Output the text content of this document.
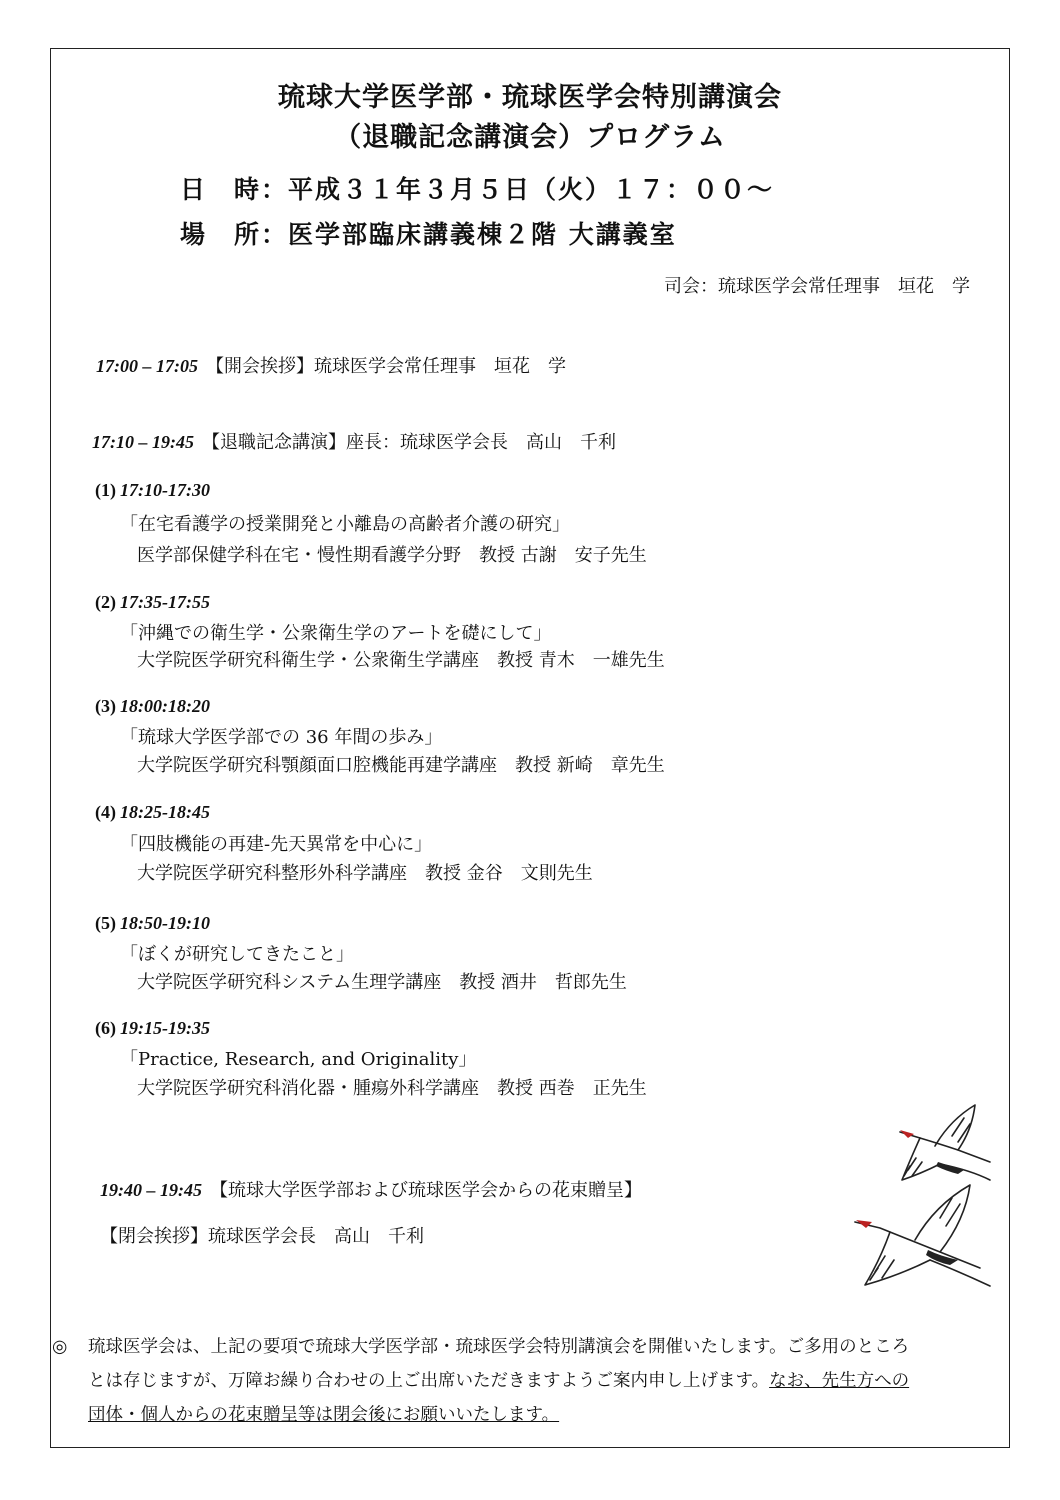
琉球大学医学部・琉球医学会特別講演会
（退職記念講演会）プログラム
日　時：平成３１年３月５日（火）１７：００～
場　所：医学部臨床講義棟２階 大講義室
司会：琉球医学会常任理事　垣花　学
17:00 – 17:05 【開会挨拶】琉球医学会常任理事　垣花　学
17:10 – 19:45 【退職記念講演】座長：琉球医学会長　高山　千利
(1) 17:10-17:30
「在宅看護学の授業開発と小離島の高齢者介護の研究」
医学部保健学科在宅・慢性期看護学分野　教授 古謝　安子先生
(2) 17:35-17:55
「沖縄での衛生学・公衆衛生学のアートを礎にして」
大学院医学研究科衛生学・公衆衛生学講座　教授 青木　一雄先生
(3) 18:00:18:20
「琉球大学医学部での 36 年間の歩み」
大学院医学研究科顎顔面口腔機能再建学講座　教授 新崎　章先生
(4) 18:25-18:45
「四肢機能の再建-先天異常を中心に」
大学院医学研究科整形外科学講座　教授 金谷　文則先生
(5) 18:50-19:10
「ぼくが研究してきたこと」
大学院医学研究科システム生理学講座　教授 酒井　哲郎先生
(6) 19:15-19:35
「Practice, Research, and Originality」
大学院医学研究科消化器・腫瘍外科学講座　教授 西巻　正先生
19:40 – 19:45 【琉球大学医学部および琉球医学会からの花束贈呈】
【閉会挨拶】琉球医学会長　高山　千利
◎ 琉球医学会は、上記の要項で琉球大学医学部・琉球医学会特別講演会を開催いたします。ご多用のところ
とは存じますが、万障お繰り合わせの上ご出席いただきますようご案内申し上げます。なお、先生方への
団体・個人からの花束贈呈等は閉会後にお願いいたします。
